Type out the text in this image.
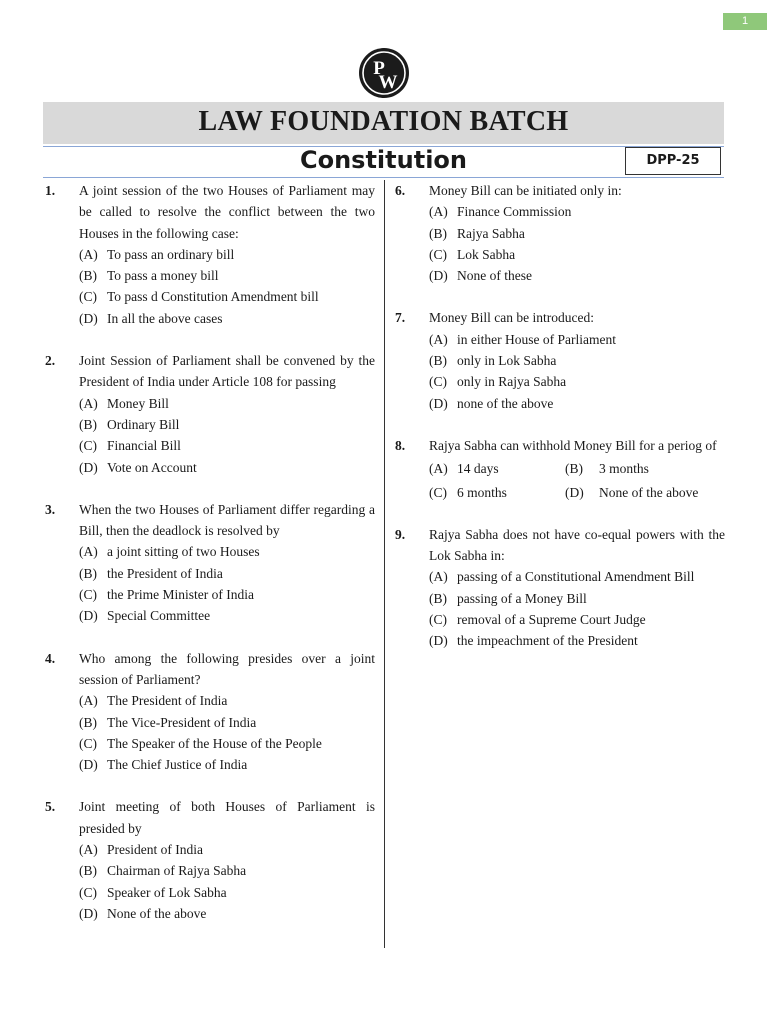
1
P
W
LAW FOUNDATION BATCH
Constitution	DPP-25
1.	A joint session of the two Houses of Parliament may be called to resolve the conflict between the two Houses in the following case:
(A) To pass an ordinary bill
(B) To pass a money bill
(C) To pass d Constitution Amendment bill
(D) In all the above cases
2.	Joint Session of Parliament shall be convened by the President of India under Article 108 for passing
(A) Money Bill
(B) Ordinary Bill
(C) Financial Bill
(D) Vote on Account
3.	When the two Houses of Parliament differ regarding a Bill, then the deadlock is resolved by
(A) a joint sitting of two Houses
(B) the President of India
(C) the Prime Minister of India
(D) Special Committee
4.	Who among the following presides over a joint session of Parliament?
(A) The President of India
(B) The Vice-President of India
(C) The Speaker of the House of the People
(D) The Chief Justice of India
5.	Joint meeting of both Houses of Parliament is presided by
(A) President of India
(B) Chairman of Rajya Sabha
(C) Speaker of Lok Sabha
(D) None of the above
6.	Money Bill can be initiated only in:
(A) Finance Commission
(B) Rajya Sabha
(C) Lok Sabha
(D) None of these
7.	Money Bill can be introduced:
(A) in either House of Parliament
(B) only in Lok Sabha
(C) only in Rajya Sabha
(D) none of the above
8.	Rajya Sabha can withhold Money Bill for a periog of
(A) 14 days	(B)	3 months
(C) 6 months	(D)	None of the above
9.	Rajya Sabha does not have co-equal powers with the Lok Sabha in:
(A) passing of a Constitutional Amendment Bill
(B) passing of a Money Bill
(C) removal of a Supreme Court Judge
(D) the impeachment of the President
